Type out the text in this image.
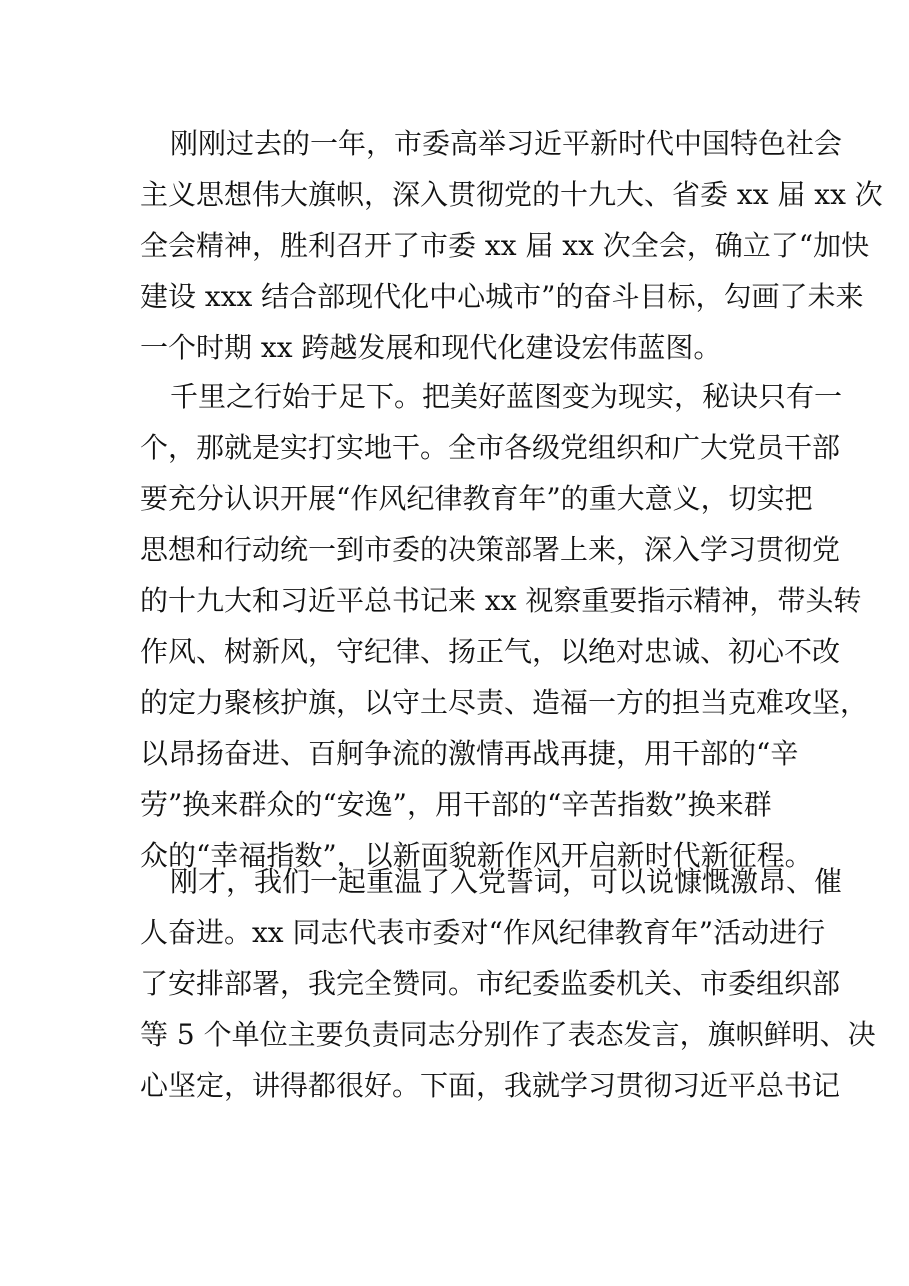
刚刚过去的一年，市委高举习近平新时代中国特色社会
主义思想伟大旗帜，深入贯彻党的十九大、省委 xx 届 xx 次
全会精神，胜利召开了市委 xx 届 xx 次全会，确立了“加快
建设 xxx 结合部现代化中心城市”的奋斗目标，勾画了未来
一个时期 xx 跨越发展和现代化建设宏伟蓝图。
千里之行始于足下。把美好蓝图变为现实，秘诀只有一
个，那就是实打实地干。全市各级党组织和广大党员干部
要充分认识开展“作风纪律教育年”的重大意义，切实把
思想和行动统一到市委的决策部署上来，深入学习贯彻党
的十九大和习近平总书记来 xx 视察重要指示精神，带头转
作风、树新风，守纪律、扬正气，以绝对忠诚、初心不改
的定力聚核护旗，以守土尽责、造福一方的担当克难攻坚，
以昂扬奋进、百舸争流的激情再战再捷，用干部的“辛
劳”换来群众的“安逸”，用干部的“辛苦指数”换来群
众的“幸福指数”，以新面貌新作风开启新时代新征程。
刚才，我们一起重温了入党誓词，可以说慷慨激昂、催
人奋进。xx 同志代表市委对“作风纪律教育年”活动进行
了安排部署，我完全赞同。市纪委监委机关、市委组织部
等 5 个单位主要负责同志分别作了表态发言，旗帜鲜明、决
心坚定，讲得都很好。下面，我就学习贯彻习近平总书记
